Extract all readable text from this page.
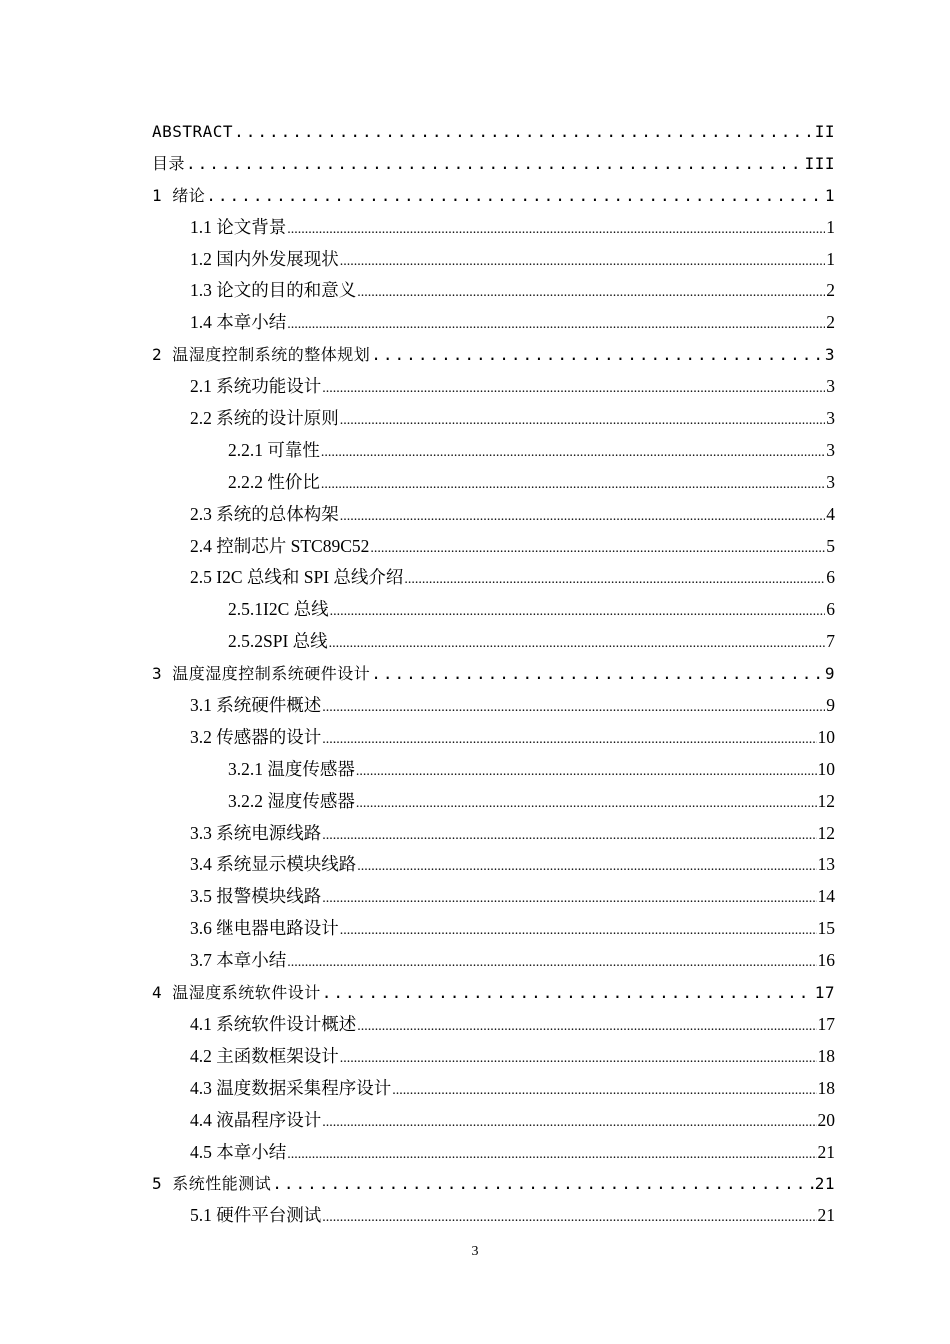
ABSTRACT .....	II
目录 .....	III
1 绪论 .....	1
1.1 论文背景 .....	1
1.2 国内外发展现状 .....	1
1.3 论文的目的和意义 .....	2
1.4 本章小结 .....	2
2 温湿度控制系统的整体规划 .....	3
2.1 系统功能设计 .....	3
2.2 系统的设计原则 .....	3
2.2.1 可靠性 .....	3
2.2.2 性价比 .....	3
2.3 系统的总体构架 .....	4
2.4 控制芯片 STC89C52 .....	5
2.5 I2C 总线和 SPI 总线介绍 .....	6
2.5.1I2C 总线 .....	6
2.5.2SPI 总线 .....	7
3 温度湿度控制系统硬件设计 .....	9
3.1 系统硬件概述 .....	9
3.2 传感器的设计 .....	10
3.2.1 温度传感器 .....	10
3.2.2 湿度传感器 .....	12
3.3 系统电源线路 .....	12
3.4 系统显示模块线路 .....	13
3.5 报警模块线路 .....	14
3.6 继电器电路设计 .....	15
3.7 本章小结 .....	16
4 温湿度系统软件设计 .....	17
4.1 系统软件设计概述 .....	17
4.2 主函数框架设计 .....	18
4.3 温度数据采集程序设计 .....	18
4.4 液晶程序设计 .....	20
4.5 本章小结 .....	21
5 系统性能测试 .....	21
5.1 硬件平台测试 .....	21
3
